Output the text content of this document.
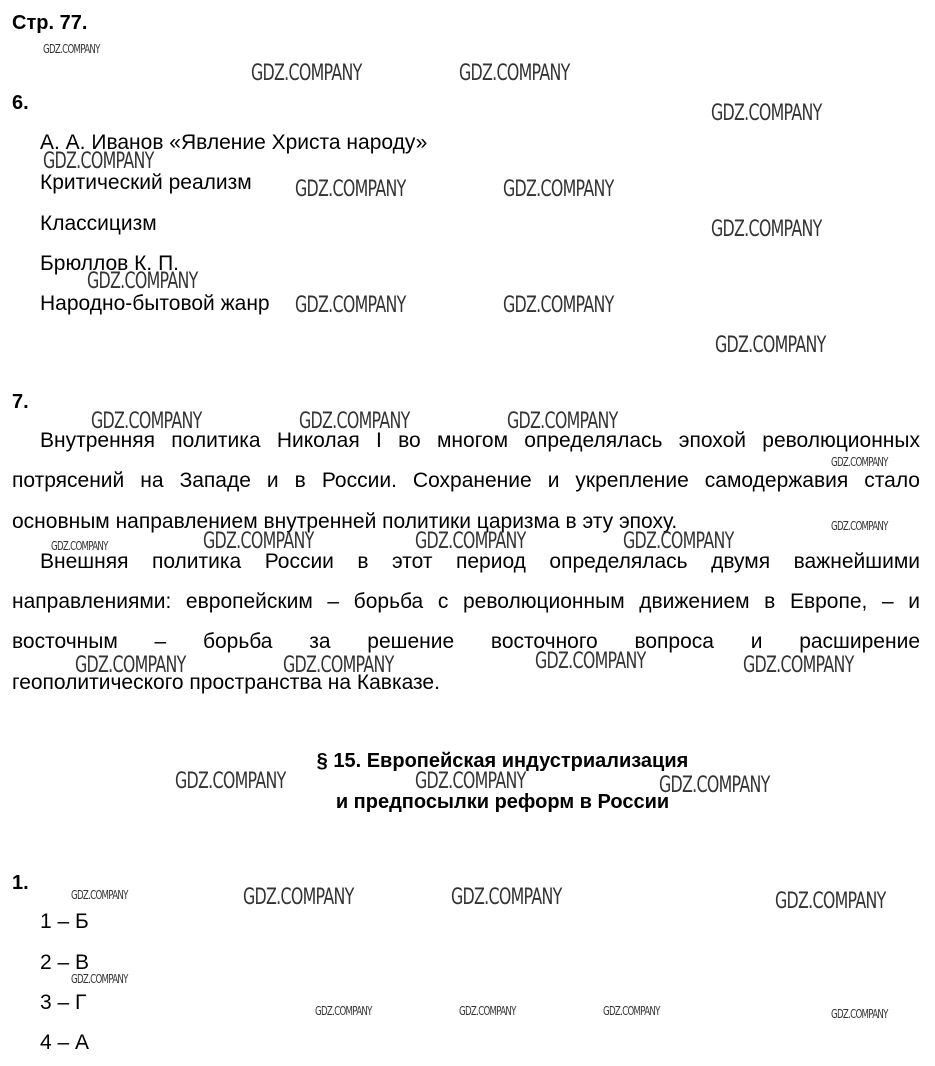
Стр. 77.
6.
А. А. Иванов «Явление Христа народу»
Критический реализм
Классицизм
Брюллов К. П.
Народно-бытовой жанр
7.
Внутренняя политика Николая I во многом определялась эпохой революционных
потрясений на Западе и в России. Сохранение и укрепление самодержавия стало
основным направлением внутренней политики царизма в эту эпоху.
Внешняя политика России в этот период определялась двумя важнейшими
направлениями: европейским – борьба с революционным движением в Европе, – и
восточным – борьба за решение восточного вопроса и расширение
геополитического пространства на Кавказе.
§ 15. Европейская индустриализация
и предпосылки реформ в России
1.
1 – Б
2 – В
3 – Г
4 – А
GDZ.COMPANY
GDZ.COMPANY	GDZ.COMPANY
GDZ.COMPANY
GDZ.COMPANY
GDZ.COMPANY	GDZ.COMPANY
GDZ.COMPANY
GDZ.COMPANY
GDZ.COMPANY	GDZ.COMPANY
GDZ.COMPANY
GDZ.COMPANY	GDZ.COMPANY	GDZ.COMPANY
GDZ.COMPANY
GDZ.COMPANY
GDZ.COMPANY	GDZ.COMPANY	GDZ.COMPANY	GDZ.COMPANY
GDZ.COMPANY	GDZ.COMPANY	GDZ.COMPANY	GDZ.COMPANY
GDZ.COMPANY	GDZ.COMPANY	GDZ.COMPANY
GDZ.COMPANY	GDZ.COMPANY	GDZ.COMPANY	GDZ.COMPANY
GDZ.COMPANY
GDZ.COMPANY	GDZ.COMPANY	GDZ.COMPANY	GDZ.COMPANY
